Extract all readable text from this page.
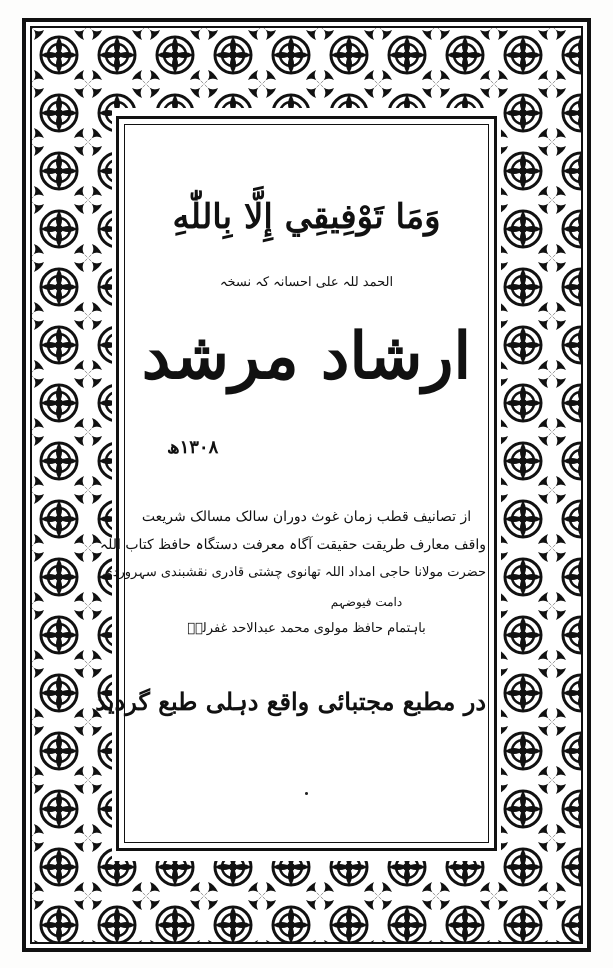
وَمَا تَوْفِيقِي إِلَّا بِاللّٰهِ
الحمد للہ علی احسانہ کہ نسخہ
ارشاد مرشد
۱۳۰۸ھ
از تصانیف قطب زمان غوث دوران سالک مسالک شریعت
واقف معارف طریقت حقیقت آگاہ معرفت دستگاہ حافظ کتاب اللہ
حضرت مولانا حاجی امداد اللہ تھانوی چشتی قادری نقشبندی سہروردی
دامت فیوضہم
باہتمام حافظ مولوی محمد عبدالاحد غفرلہٗ
در مطبع مجتبائی واقع دہلی طبع گردید
